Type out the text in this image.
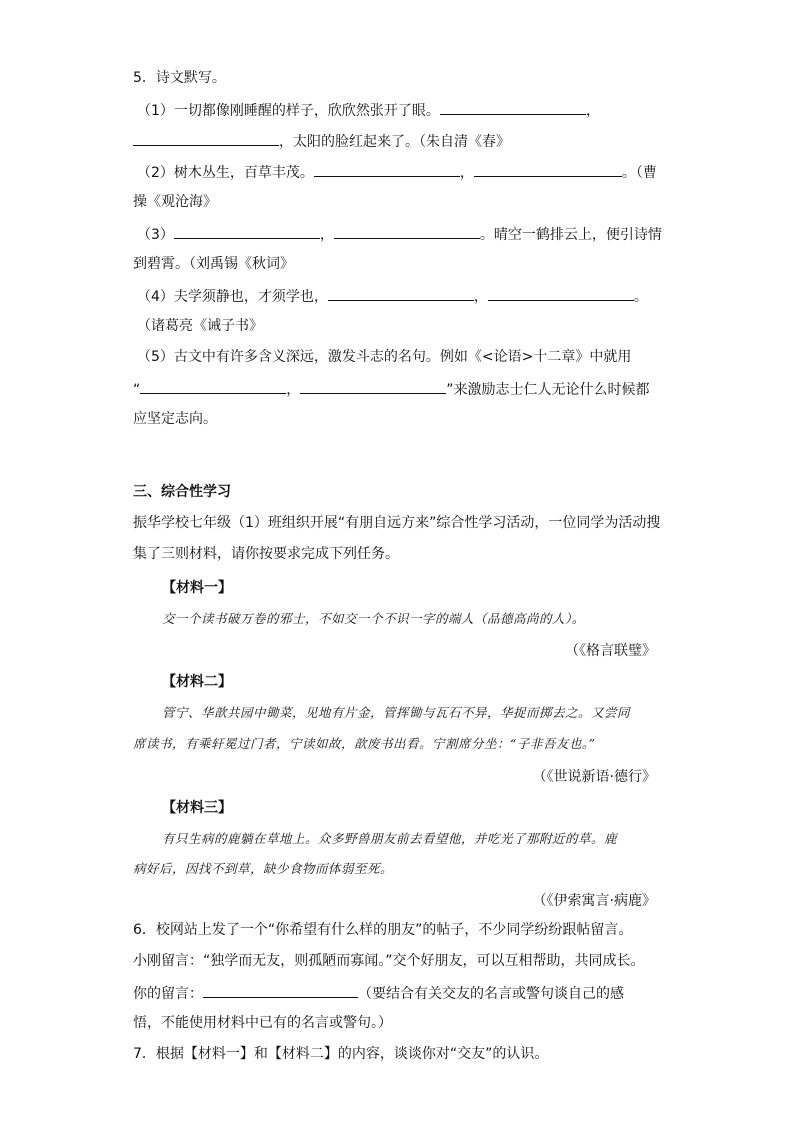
5．诗文默写。
（1）一切都像刚睡醒的样子，欣欣然张开了眼。	，
，太阳的脸红起来了。（朱自清《春》
（2）树木丛生，百草丰茂。	，	。（曹
操《观沧海》
（3）	，	。晴空一鹤排云上，便引诗情
到碧霄。（刘禹锡《秋词》
（4）夫学须静也，才须学也，	，	。
（诸葛亮《诫子书》
（5）古文中有许多含义深远，激发斗志的名句。例如《<论语>十二章》中就用
“	，	”来激励志士仁人无论什么时候都
应坚定志向。
三、综合性学习
振华学校七年级（1）班组织开展“有朋自远方来”综合性学习活动，一位同学为活动搜
集了三则材料，请你按要求完成下列任务。
【材料一】
交一个读书破万卷的邪士，不如交一个不识一字的端人（品德高尚的人）。
（《格言联璧》
【材料二】
管宁、华歆共园中锄菜，见地有片金，管挥锄与瓦石不异，华捉而掷去之。又尝同
席读书，有乘轩冕过门者，宁读如故，歆废书出看。宁割席分坐：“子非吾友也。”
（《世说新语·德行》
【材料三】
有只生病的鹿躺在草地上。众多野兽朋友前去看望他，并吃光了那附近的草。鹿
病好后，因找不到草，缺少食物而体弱至死。
（《伊索寓言·病鹿》
6．校网站上发了一个“你希望有什么样的朋友”的帖子，不少同学纷纷跟帖留言。
小刚留言：“独学而无友，则孤陋而寡闻。”交个好朋友，可以互相帮助，共同成长。
你的留言：	（要结合有关交友的名言或警句谈自己的感
悟，不能使用材料中已有的名言或警句。）
7．根据【材料一】和【材料二】的内容，谈谈你对“交友”的认识。
